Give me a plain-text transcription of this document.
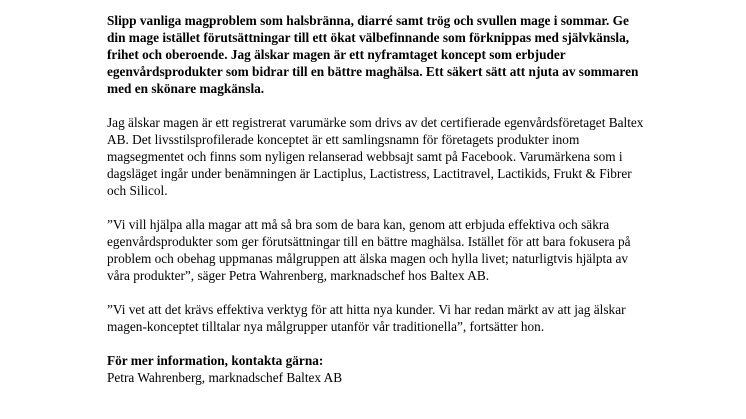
Slipp vanliga magproblem som halsbränna, diarré samt trög och svullen mage i sommar. Ge din mage istället förutsättningar till ett ökat välbefinnande som förknippas med självkänsla, frihet och oberoende. Jag älskar magen är ett nyframtaget koncept som erbjuder egenvårdsprodukter som bidrar till en bättre maghälsa. Ett säkert sätt att njuta av sommaren med en skönare magkänsla.

Jag älskar magen är ett registrerat varumärke som drivs av det certifierade egenvårdsföretaget Baltex AB. Det livsstilsprofilerade konceptet är ett samlingsnamn för företagets produkter inom magsegmentet och finns som nyligen relanserad webbsajt samt på Facebook. Varumärkena som i dagsläget ingår under benämningen är Lactiplus, Lactistress, Lactitravel, Lactikids, Frukt & Fibrer och Silicol.

”Vi vill hjälpa alla magar att må så bra som de bara kan, genom att erbjuda effektiva och säkra egenvårdsprodukter som ger förutsättningar till en bättre maghälsa. Istället för att bara fokusera på problem och obehag uppmanas målgruppen att älska magen och hylla livet; naturligtvis hjälpta av våra produkter”, säger Petra Wahrenberg, marknadschef hos Baltex AB.

”Vi vet att det krävs effektiva verktyg för att hitta nya kunder. Vi har redan märkt av att jag älskar magen-konceptet tilltalar nya målgrupper utanför vår traditionella”, fortsätter hon.

För mer information, kontakta gärna:
Petra Wahrenberg, marknadschef Baltex AB
